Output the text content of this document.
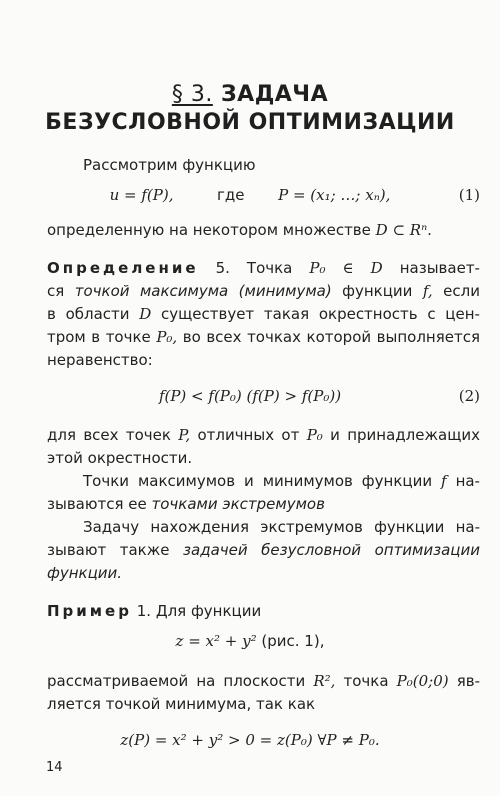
§ 3. ЗАДАЧА
БЕЗУСЛОВНОЙ ОПТИМИЗАЦИИ
Рассмотрим функцию
u = f(P),	где P = (x₁; …; xₙ),	(1)
определенную на некотором множестве D ⊂ Rⁿ.
Определение 5. Точка P₀ ∈ D называет-
ся точкой максимума (минимума) функции f, если
в области D существует такая окрестность с цен-
тром в точке P₀, во всех точках которой выполняется
неравенство:
f(P) < f(P₀) (f(P) > f(P₀))	(2)
для всех точек P, отличных от P₀ и принадлежащих
этой окрестности.
Точки максимумов и минимумов функции f на-
зываются ее точками экстремумов
Задачу нахождения экстремумов функции на-
зывают также задачей безусловной оптимизации
функции.
Пример 1. Для функции
z = x² + y² (рис. 1),
рассматриваемой на плоскости R², точка P₀(0;0) яв-
ляется точкой минимума, так как
z(P) = x² + y² > 0 = z(P₀) ∀P ≠ P₀.
14
